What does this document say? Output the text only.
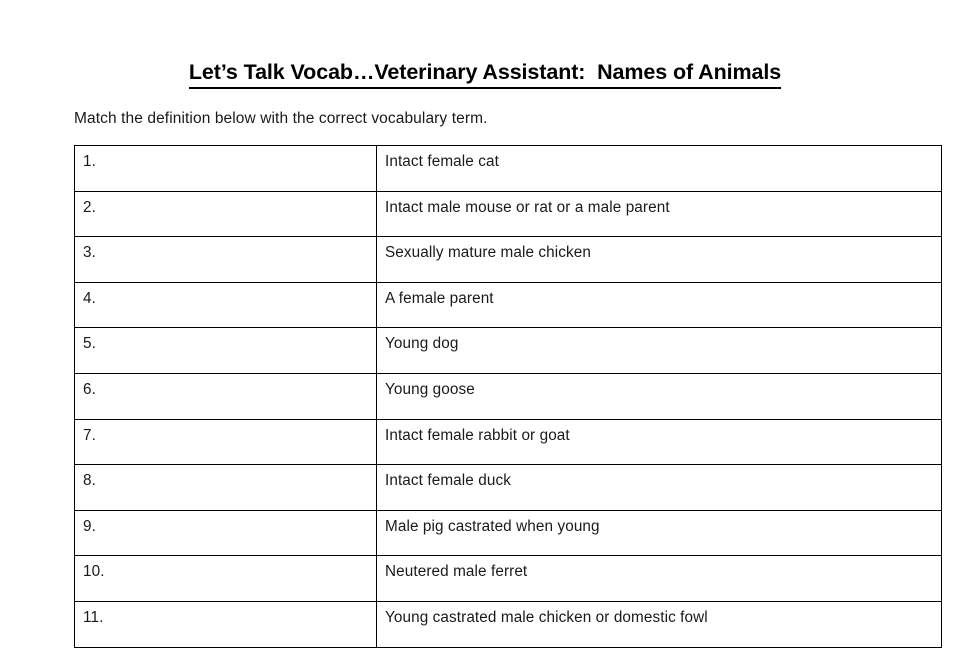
Let’s Talk Vocab…Veterinary Assistant:  Names of Animals
Match the definition below with the correct vocabulary term.
1.	Intact female cat

2.	Intact male mouse or rat or a male parent

3.	Sexually mature male chicken

4.	A female parent

5.	Young dog

6.	Young goose

7.	Intact female rabbit or goat

8.	Intact female duck

9.	Male pig castrated when young

10.	Neutered male ferret

11.	Young castrated male chicken or domestic fowl
